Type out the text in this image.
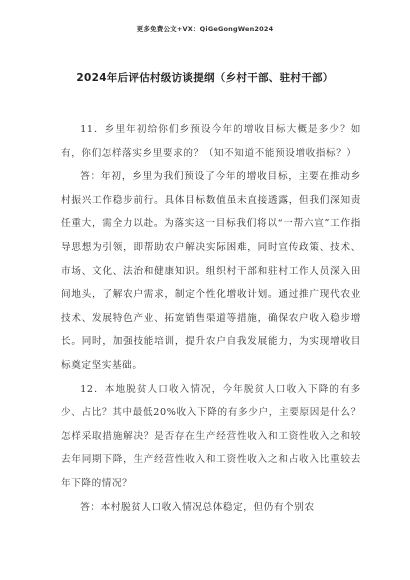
更多免费公文+VX：QiGeGongWen2024
2024年后评估村级访谈提纲（乡村干部、驻村干部）

11．乡里年初给你们乡预设今年的增收目标大概是多少？如有，你们怎样落实乡里要求的？（知不知道不能预设增收指标？）

答：年初，乡里为我们预设了今年的增收目标，主要在推动乡村振兴工作稳步前行。具体目标数值虽未直接透露，但我们深知责任重大，需全力以赴。为落实这一目标我们将以“一帮六宣”工作指导思想为引领，即帮助农户解决实际困难，同时宣传政策、技术、市场、文化、法治和健康知识。组织村干部和驻村工作人员深入田间地头，了解农户需求，制定个性化增收计划。通过推广现代农业技术、发展特色产业、拓宽销售渠道等措施，确保农户收入稳步增长。同时，加强技能培训，提升农户自我发展能力，为实现增收目标奠定坚实基础。

12．本地脱贫人口收入情况，今年脱贫人口收入下降的有多少、占比？其中最低20%收入下降的有多少户，主要原因是什么？怎样采取措施解决？是否存在生产经营性收入和工资性收入之和较去年同期下降，生产经营性收入和工资性收入之和占收入比重较去年下降的情况？

答：本村脱贫人口收入情况总体稳定，但仍有个别农
